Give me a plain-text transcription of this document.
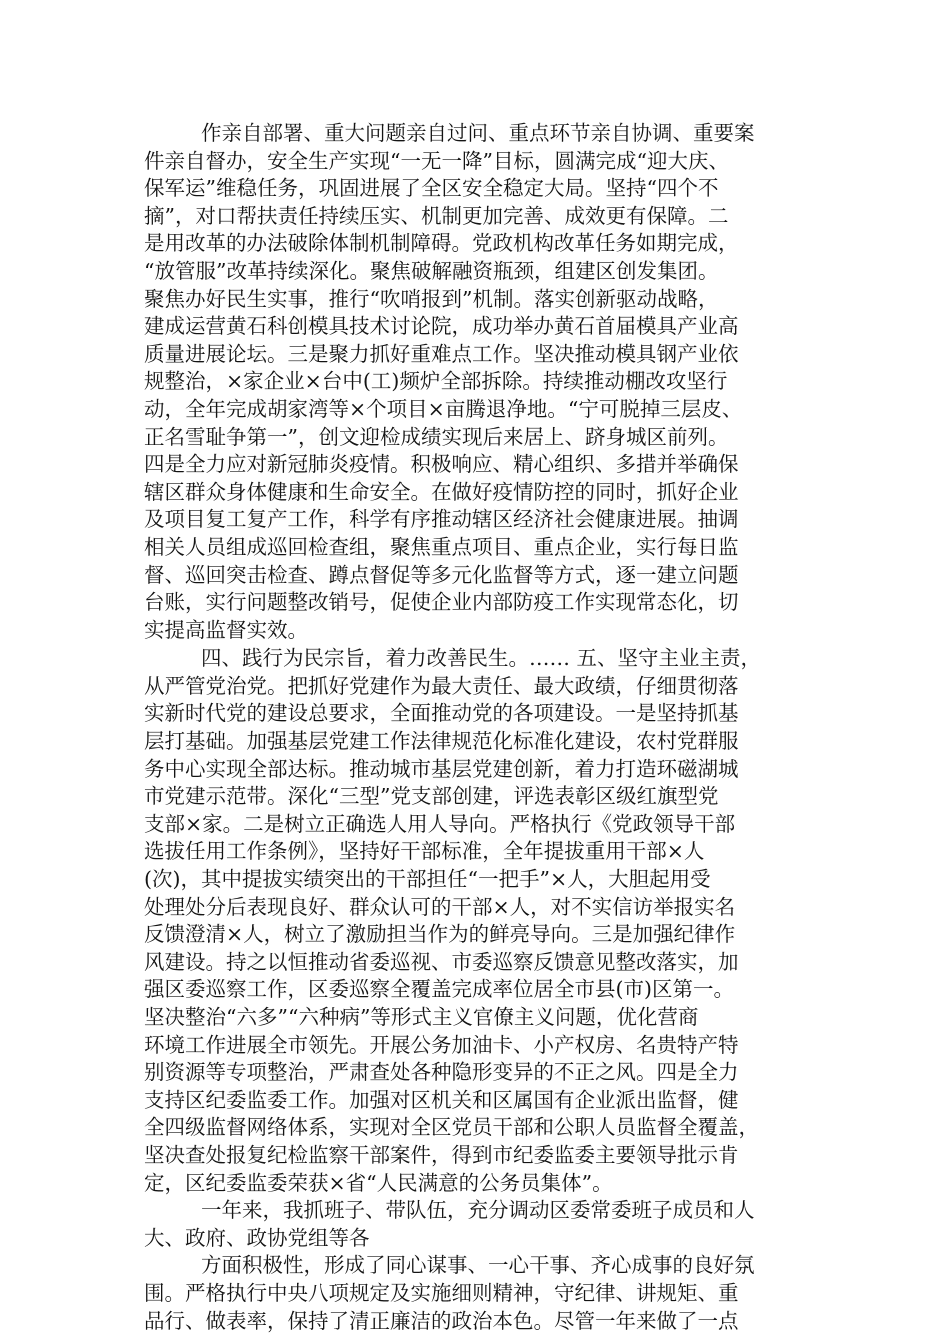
作亲自部署、重大问题亲自过问、重点环节亲自协调、重要案
件亲自督办，安全生产实现“一无一降”目标，圆满完成“迎大庆、
保军运”维稳任务，巩固进展了全区安全稳定大局。坚持“四个不
摘”，对口帮扶责任持续压实、机制更加完善、成效更有保障。二
是用改革的办法破除体制机制障碍。党政机构改革任务如期完成，
“放管服”改革持续深化。聚焦破解融资瓶颈，组建区创发集团。
聚焦办好民生实事，推行“吹哨报到”机制。落实创新驱动战略，
建成运营黄石科创模具技术讨论院，成功举办黄石首届模具产业高
质量进展论坛。三是聚力抓好重难点工作。坚决推动模具钢产业依
规整治，×家企业×台中(工)频炉全部拆除。持续推动棚改攻坚行
动，全年完成胡家湾等×个项目×亩腾退净地。“宁可脱掉三层皮、
正名雪耻争第一”，创文迎检成绩实现后来居上、跻身城区前列。
四是全力应对新冠肺炎疫情。积极响应、精心组织、多措并举确保
辖区群众身体健康和生命安全。在做好疫情防控的同时，抓好企业
及项目复工复产工作，科学有序推动辖区经济社会健康进展。抽调
相关人员组成巡回检查组，聚焦重点项目、重点企业，实行每日监
督、巡回突击检查、蹲点督促等多元化监督等方式，逐一建立问题
台账，实行问题整改销号，促使企业内部防疫工作实现常态化，切
实提高监督实效。
四、践行为民宗旨，着力改善民生。…… 五、坚守主业主责，
从严管党治党。把抓好党建作为最大责任、最大政绩，仔细贯彻落
实新时代党的建设总要求，全面推动党的各项建设。一是坚持抓基
层打基础。加强基层党建工作法律规范化标准化建设，农村党群服
务中心实现全部达标。推动城市基层党建创新，着力打造环磁湖城
市党建示范带。深化“三型”党支部创建，评选表彰区级红旗型党
支部×家。二是树立正确选人用人导向。严格执行《党政领导干部
选拔任用工作条例》，坚持好干部标准，全年提拔重用干部×人
(次)，其中提拔实绩突出的干部担任“一把手”×人，大胆起用受
处理处分后表现良好、群众认可的干部×人，对不实信访举报实名
反馈澄清×人，树立了激励担当作为的鲜亮导向。三是加强纪律作
风建设。持之以恒推动省委巡视、市委巡察反馈意见整改落实，加
强区委巡察工作，区委巡察全覆盖完成率位居全市县(市)区第一。
坚决整治“六多”“六种病”等形式主义官僚主义问题，优化营商
环境工作进展全市领先。开展公务加油卡、小产权房、名贵特产特
别资源等专项整治，严肃查处各种隐形变异的不正之风。四是全力
支持区纪委监委工作。加强对区机关和区属国有企业派出监督，健
全四级监督网络体系，实现对全区党员干部和公职人员监督全覆盖，
坚决查处报复纪检监察干部案件，得到市纪委监委主要领导批示肯
定，区纪委监委荣获×省“人民满意的公务员集体”。
一年来，我抓班子、带队伍，充分调动区委常委班子成员和人
大、政府、政协党组等各
方面积极性，形成了同心谋事、一心干事、齐心成事的良好氛
围。严格执行中央八项规定及实施细则精神，守纪律、讲规矩、重
品行、做表率，保持了清正廉洁的政治本色。尽管一年来做了一点
